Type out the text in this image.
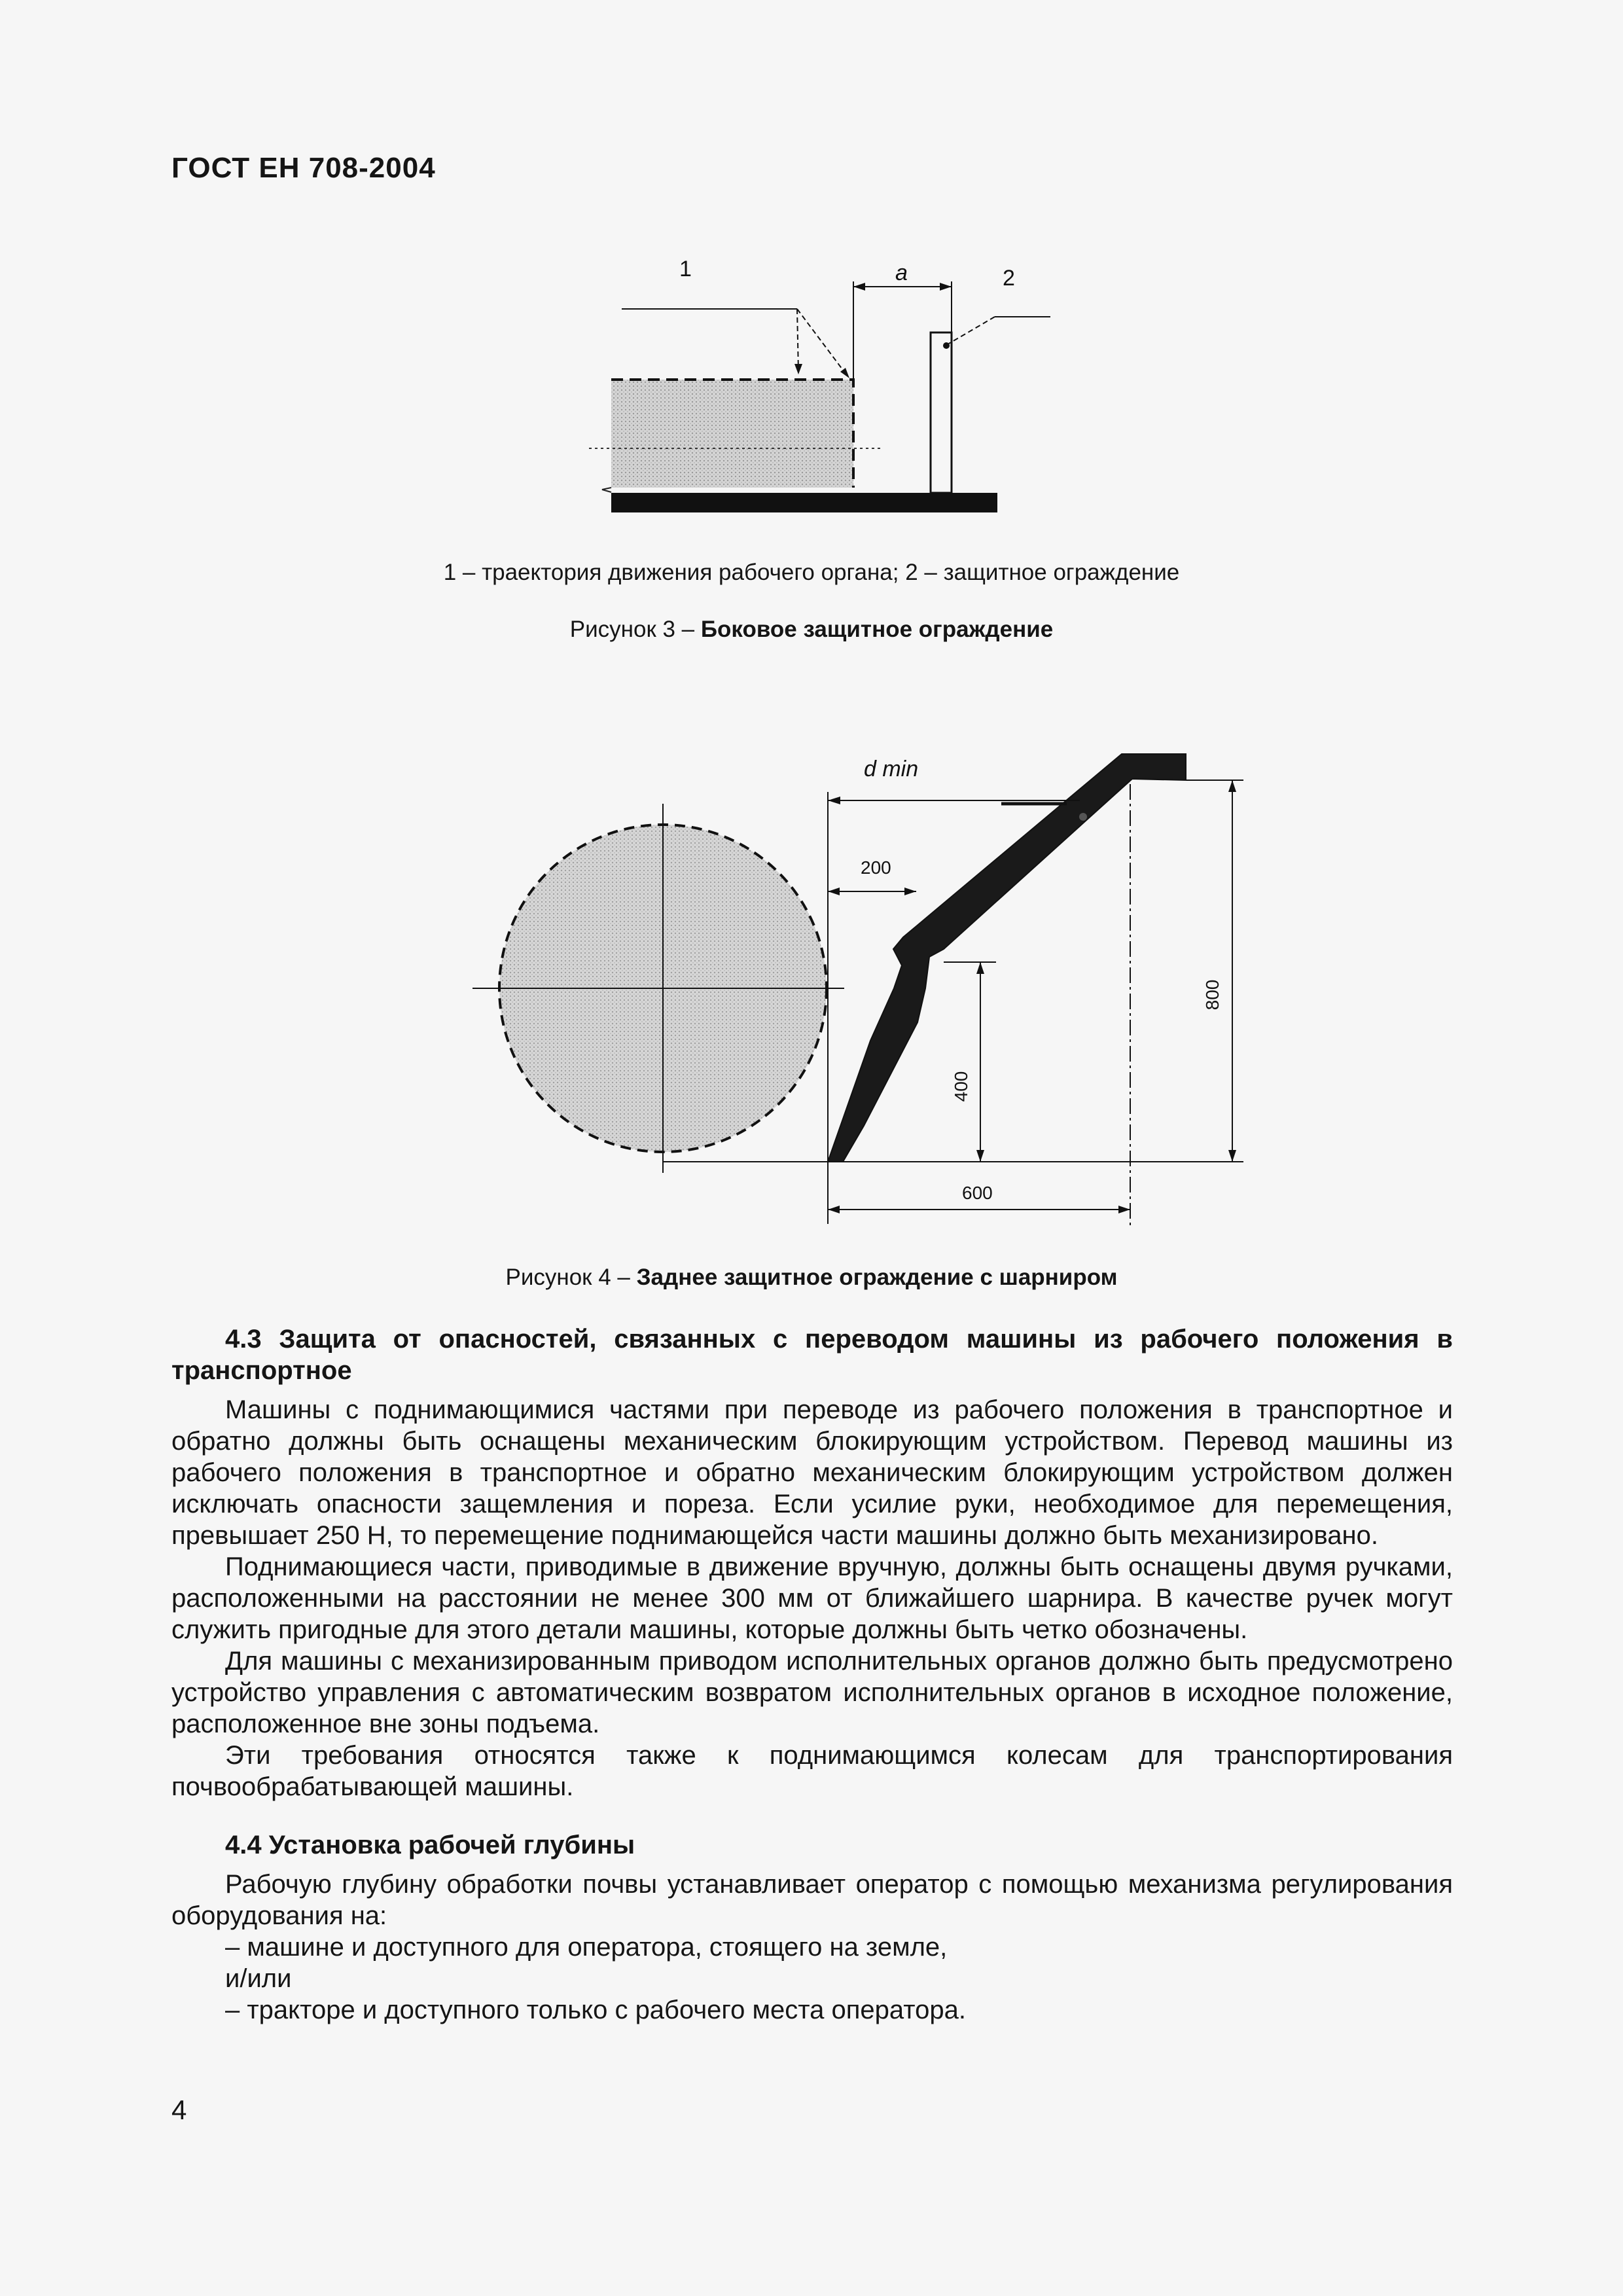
ГОСТ ЕН 708-2004
a
1	2
1 – траектория движения рабочего органа; 2 – защитное ограждение
Рисунок 3 – Боковое защитное ограждение
d min
200
400
800
600
Рисунок 4 – Заднее защитное ограждение с шарниром

4.3 Защита от опасностей, связанных с переводом машины из рабочего положения в транспортное

Машины с поднимающимися частями при переводе из рабочего положения в транспортное и обратно должны быть оснащены механическим блокирующим устройством. Перевод машины из рабочего положения в транспортное и обратно механическим блокирующим устройством должен исключать опасности защемления и пореза. Если усилие руки, необходимое для перемещения, превышает 250 Н, то перемещение поднимающейся части машины должно быть механизировано.

Поднимающиеся части, приводимые в движение вручную, должны быть оснащены двумя ручками, расположенными на расстоянии не менее 300 мм от ближайшего шарнира. В качестве ручек могут служить пригодные для этого детали машины, которые должны быть четко обозначены.

Для машины с механизированным приводом исполнительных органов должно быть предусмотрено устройство управления с автоматическим возвратом исполнительных органов в исходное положение, расположенное вне зоны подъема.

Эти требования относятся также к поднимающимся колесам для транспортирования почвообрабатывающей машины.

4.4 Установка рабочей глубины

Рабочую глубину обработки почвы устанавливает оператор с помощью механизма регулирования оборудования на:

– машине и доступного для оператора, стоящего на земле,

и/или

– тракторе и доступного только с рабочего места оператора.

4
